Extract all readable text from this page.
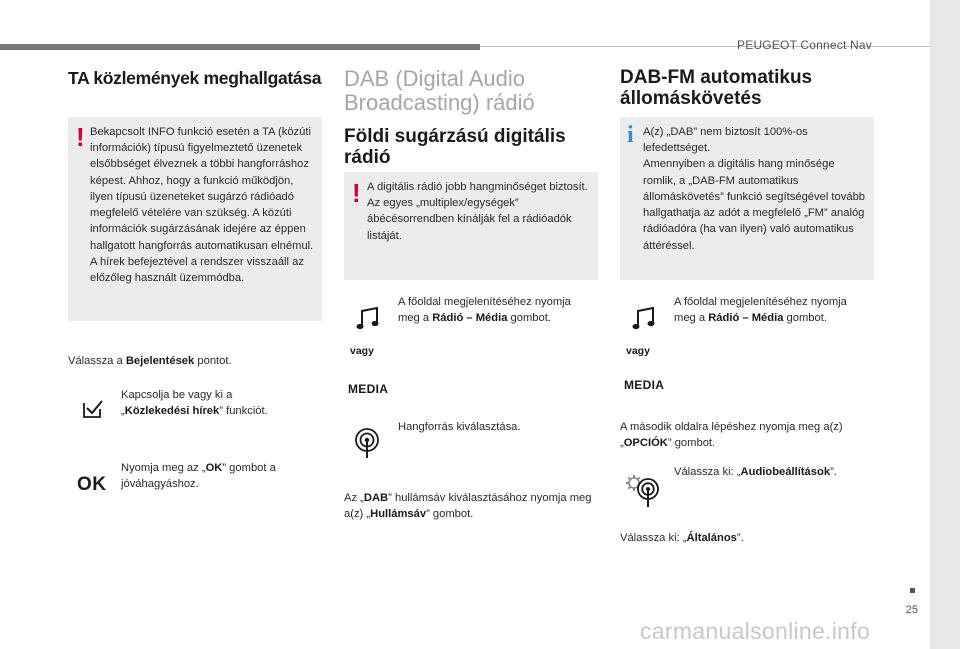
PEUGEOT Connect Nav
TA közlemények meghallgatása
! Bekapcsolt INFO funkció esetén a TA (közúti információk) típusú figyelmeztető üzenetek elsőbbséget élveznek a többi hangforráshoz képest. Ahhoz, hogy a funkció működjön, ilyen típusú üzeneteket sugárzó rádióadó megfelelő vételére van szükség. A közúti információk sugárzásának idejére az éppen hallgatott hangforrás automatikusan elnémul. A hírek befejeztével a rendszer visszaáll az előzőleg használt üzemmódba.

Válassza a Bejelentések pontot.
Kapcsolja be vagy ki a „Közlekedési hírek” funkciót.
OK
Nyomja meg az „OK” gombot a jóváhagyáshoz.
DAB (Digital Audio
Broadcasting) rádió
Földi sugárzású digitális
rádió
! A digitális rádió jobb hangminőséget biztosít.

Az egyes „multiplex/egységek” ábécésorrendben kínálják fel a rádióadók listáját.

vagy
MEDIA
A főoldal megjelenítéséhez nyomja meg a Rádió – Média gombot.
Hangforrás kiválasztása.
Az „DAB” hullámsáv kiválasztásához nyomja meg a(z) „Hullámsáv” gombot.
DAB-FM automatikus
állomáskövetés
i A(z) „DAB” nem biztosít 100%-os lefedettséget.

Amennyiben a digitális hang minősége romlik, a „DAB-FM automatikus állomáskövetés” funkció segítségével tovább hallgathatja az adót a megfelelő „FM” analóg rádióadóra (ha van ilyen) való automatikus áttéréssel.

vagy
MEDIA
A főoldal megjelenítéséhez nyomja meg a Rádió – Média gombot.
A második oldalra lépéshez nyomja meg a(z) „OPCIÓK” gombot.
Válassza ki: „Audiobeállítások”.
Válassza ki: „Általános”.
25
carmanualsonline.info
